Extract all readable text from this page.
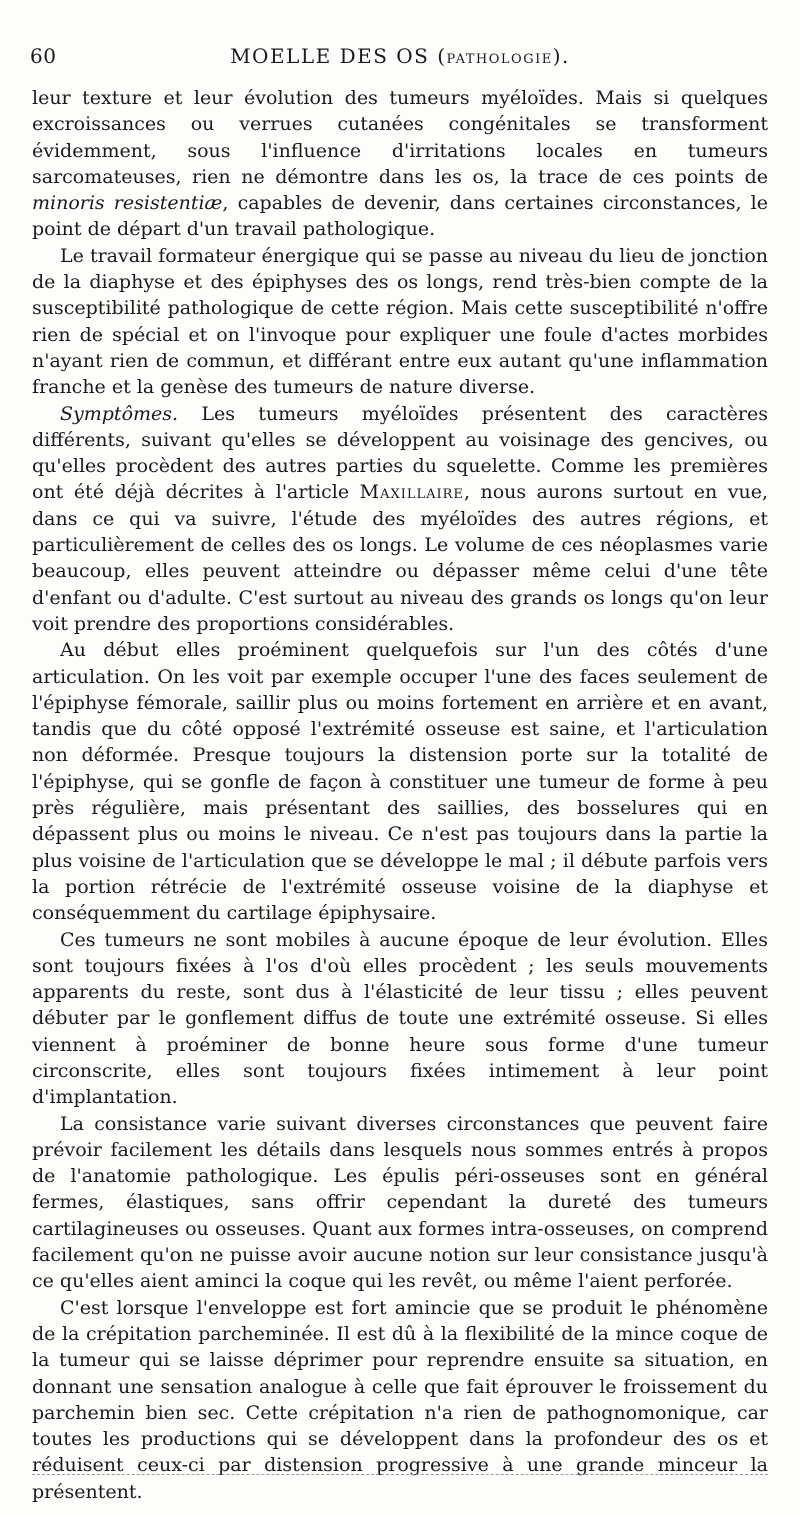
60	MOELLE DES OS (PATHOLOGIE).

leur texture et leur évolution des tumeurs myéloïdes. Mais si quelques excroissances ou verrues cutanées congénitales se transforment évidemment, sous l'influence d'irritations locales en tumeurs sarcomateuses, rien ne démontre dans les os, la trace de ces points de minoris resistentiæ, capables de devenir, dans certaines circonstances, le point de départ d'un travail pathologique.

Le travail formateur énergique qui se passe au niveau du lieu de jonction de la diaphyse et des épiphyses des os longs, rend très-bien compte de la susceptibilité pathologique de cette région. Mais cette susceptibilité n'offre rien de spécial et on l'invoque pour expliquer une foule d'actes morbides n'ayant rien de commun, et différant entre eux autant qu'une inflammation franche et la genèse des tumeurs de nature diverse.

Symptômes. Les tumeurs myéloïdes présentent des caractères différents, suivant qu'elles se développent au voisinage des gencives, ou qu'elles procèdent des autres parties du squelette. Comme les premières ont été déjà décrites à l'article Maxillaire, nous aurons surtout en vue, dans ce qui va suivre, l'étude des myéloïdes des autres régions, et particulièrement de celles des os longs. Le volume de ces néoplasmes varie beaucoup, elles peuvent atteindre ou dépasser même celui d'une tête d'enfant ou d'adulte. C'est surtout au niveau des grands os longs qu'on leur voit prendre des proportions considérables.

Au début elles proéminent quelquefois sur l'un des côtés d'une articulation. On les voit par exemple occuper l'une des faces seulement de l'épiphyse fémorale, saillir plus ou moins fortement en arrière et en avant, tandis que du côté opposé l'extrémité osseuse est saine, et l'articulation non déformée. Presque toujours la distension porte sur la totalité de l'épiphyse, qui se gonfle de façon à constituer une tumeur de forme à peu près régulière, mais présentant des saillies, des bosselures qui en dépassent plus ou moins le niveau. Ce n'est pas toujours dans la partie la plus voisine de l'articulation que se développe le mal ; il débute parfois vers la portion rétrécie de l'extrémité osseuse voisine de la diaphyse et conséquemment du cartilage épiphysaire.

Ces tumeurs ne sont mobiles à aucune époque de leur évolution. Elles sont toujours fixées à l'os d'où elles procèdent ; les seuls mouvements apparents du reste, sont dus à l'élasticité de leur tissu ; elles peuvent débuter par le gonflement diffus de toute une extrémité osseuse. Si elles viennent à proéminer de bonne heure sous forme d'une tumeur circonscrite, elles sont toujours fixées intimement à leur point d'implantation.

La consistance varie suivant diverses circonstances que peuvent faire prévoir facilement les détails dans lesquels nous sommes entrés à propos de l'anatomie pathologique. Les épulis péri-osseuses sont en général fermes, élastiques, sans offrir cependant la dureté des tumeurs cartilagineuses ou osseuses. Quant aux formes intra-osseuses, on comprend facilement qu'on ne puisse avoir aucune notion sur leur consistance jusqu'à ce qu'elles aient aminci la coque qui les revêt, ou même l'aient perforée.

C'est lorsque l'enveloppe est fort amincie que se produit le phénomène de la crépitation parcheminée. Il est dû à la flexibilité de la mince coque de la tumeur qui se laisse déprimer pour reprendre ensuite sa situation, en donnant une sensation analogue à celle que fait éprouver le froissement du parchemin bien sec. Cette crépitation n'a rien de pathognomonique, car toutes les productions qui se développent dans la profondeur des os et réduisent ceux-ci par distension progressive à une grande minceur la présentent.
